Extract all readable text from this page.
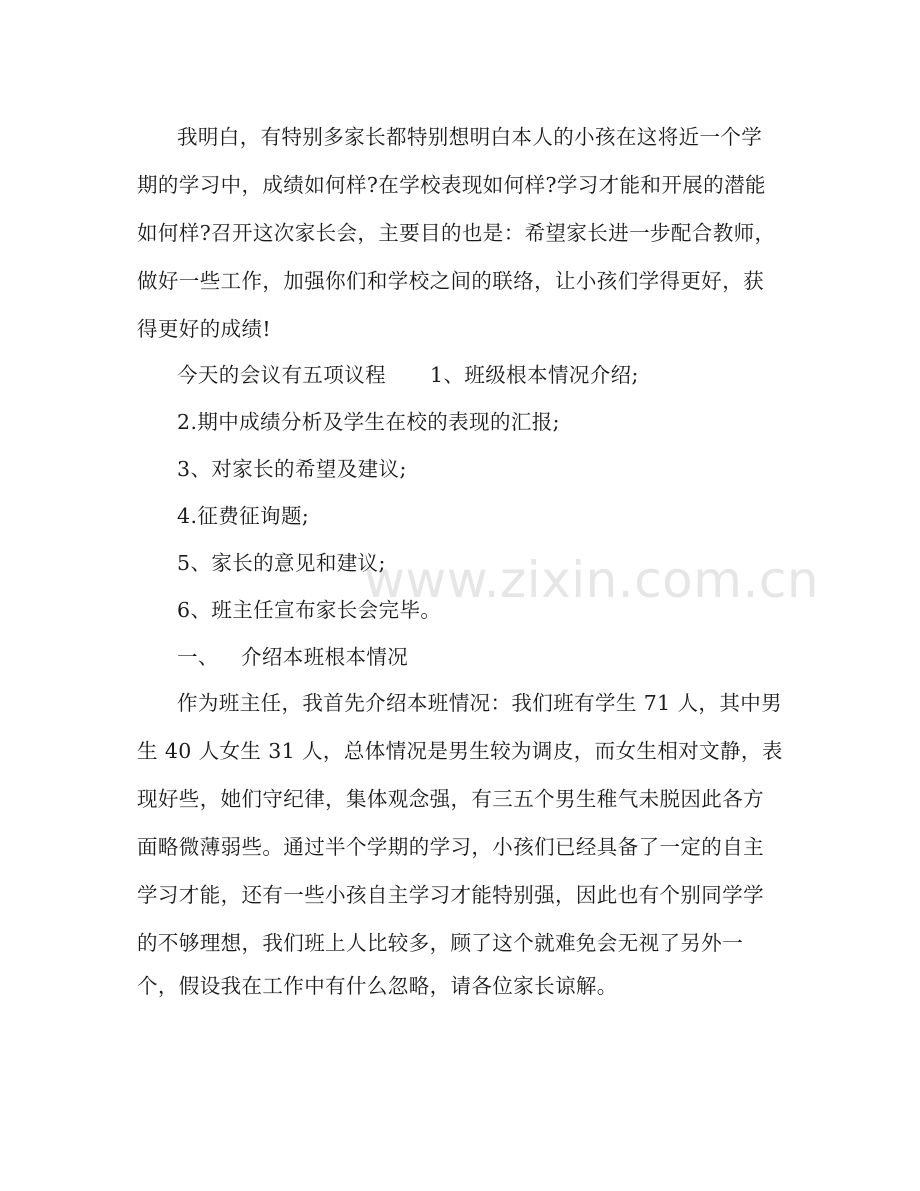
www.zixin.com.cn
我明白，有特别多家长都特别想明白本人的小孩在这将近一个学
期的学习中，成绩如何样?在学校表现如何样?学习才能和开展的潜能
如何样?召开这次家长会，主要目的也是：希望家长进一步配合教师，
做好一些工作，加强你们和学校之间的联络，让小孩们学得更好，获
得更好的成绩!
今天的会议有五项议程 1、班级根本情况介绍;
2.期中成绩分析及学生在校的表现的汇报;
3、对家长的希望及建议;
4.征费征询题;
5、家长的意见和建议;
6、班主任宣布家长会完毕。
一、 介绍本班根本情况
作为班主任，我首先介绍本班情况：我们班有学生 71 人，其中男
生 40 人女生 31 人，总体情况是男生较为调皮，而女生相对文静，表
现好些，她们守纪律，集体观念强，有三五个男生稚气未脱因此各方
面略微薄弱些。通过半个学期的学习，小孩们已经具备了一定的自主
学习才能，还有一些小孩自主学习才能特别强，因此也有个别同学学
的不够理想，我们班上人比较多，顾了这个就难免会无视了另外一
个，假设我在工作中有什么忽略，请各位家长谅解。
